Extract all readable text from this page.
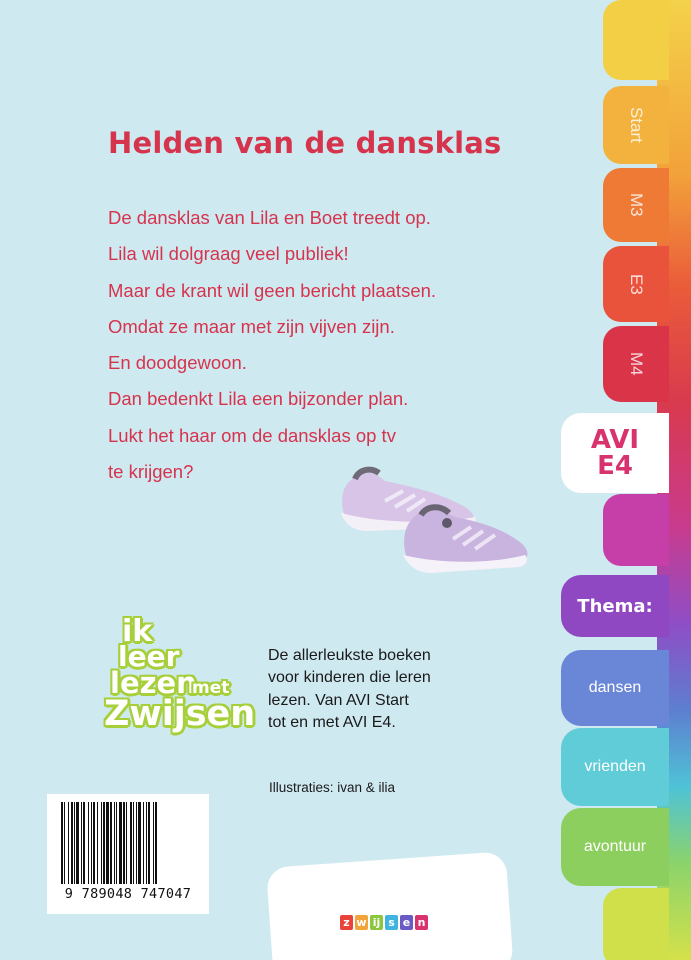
Start
M3
E3
M4
AVI
E4
Thema:
dansen
vrienden
avontuur
Helden van de dansklas
De dansklas van Lila en Boet treedt op.
Lila wil dolgraag veel publiek!
Maar de krant wil geen bericht plaatsen.
Omdat ze maar met zijn vijven zijn.
En doodgewoon.
Dan bedenkt Lila een bijzonder plan.
Lukt het haar om de dansklas op tv
te krijgen?
ik
leer
lezen
met
Zwijsen
De allerleukste boeken
voor kinderen die leren
lezen. Van AVI Start
tot en met AVI E4.
Illustraties: ivan & ilia
9 789048 747047
z w ij s e n
